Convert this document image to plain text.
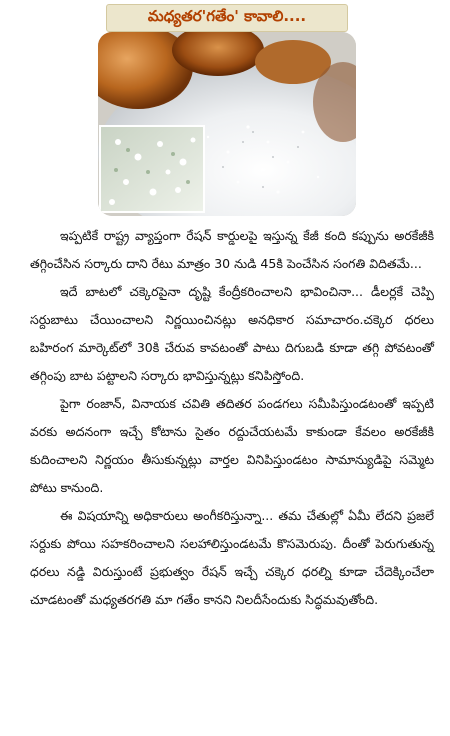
మధ్యతర'గతేం' కావాలి....

ఇప్పటికే రాష్ట్ర వ్యాప్తంగా రేషన్ కార్డులపై ఇస్తున్న కేజీ కంది కప్పును అరకేజీకి తగ్గించేసిన సర్కారు దాని రేటు మాత్రం 30 నుడి 45కి పెంచేసిన సంగతి విదితమే...

ఇదే బాటలో చక్కెరపైనా దృష్టి కేంద్రీకరించాలని భావించినా... డీలర్లకే చెప్పి సర్దుబాటు చేయించాలని నిర్ణయించినట్లు అనధికార సమాచారం.చక్కెర ధరలు బహిరంగ మార్కెట్‌లో 30కి చేరువ కావటంతో పాటు దిగుబడి కూడా తగ్గి పోవటంతో తగ్గింపు బాట పట్టాలని సర్కారు భావిస్తున్నట్లు కనిపిస్తోంది.

పైగా రంజాన్, వినాయక చవితి తదితర పండగలు సమీపిస్తుండటంతో ఇప్పటి వరకు అదనంగా ఇచ్చే కోటాను సైతం రద్దుచేయటమే కాకుండా కేవలం అరకేజీకి కుదించాలని నిర్ణయం తీసుకున్నట్లు వార్తల వినిపిస్తుండటం సామాన్యుడిపై సమ్మెట పోటు కానుంది.

ఈ విషయాన్ని అధికారులు అంగీకరిస్తున్నా... తమ చేతుల్లో ఏమీ లేదని ప్రజలే సర్దుకు పోయి సహకరించాలని సలహాలిస్తుండటమే కొసమెరుపు. దీంతో పెరుగుతున్న ధరలు నడ్డి విరుస్తుంటే ప్రభుత్వం రేషన్ ఇచ్చే చక్కెర ధరల్ని కూడా చేదెక్కించేలా చూడటంతో మధ్యతరగతి మా గతేం కానని నిలదీసేందుకు సిద్ధమవుతోంది.
